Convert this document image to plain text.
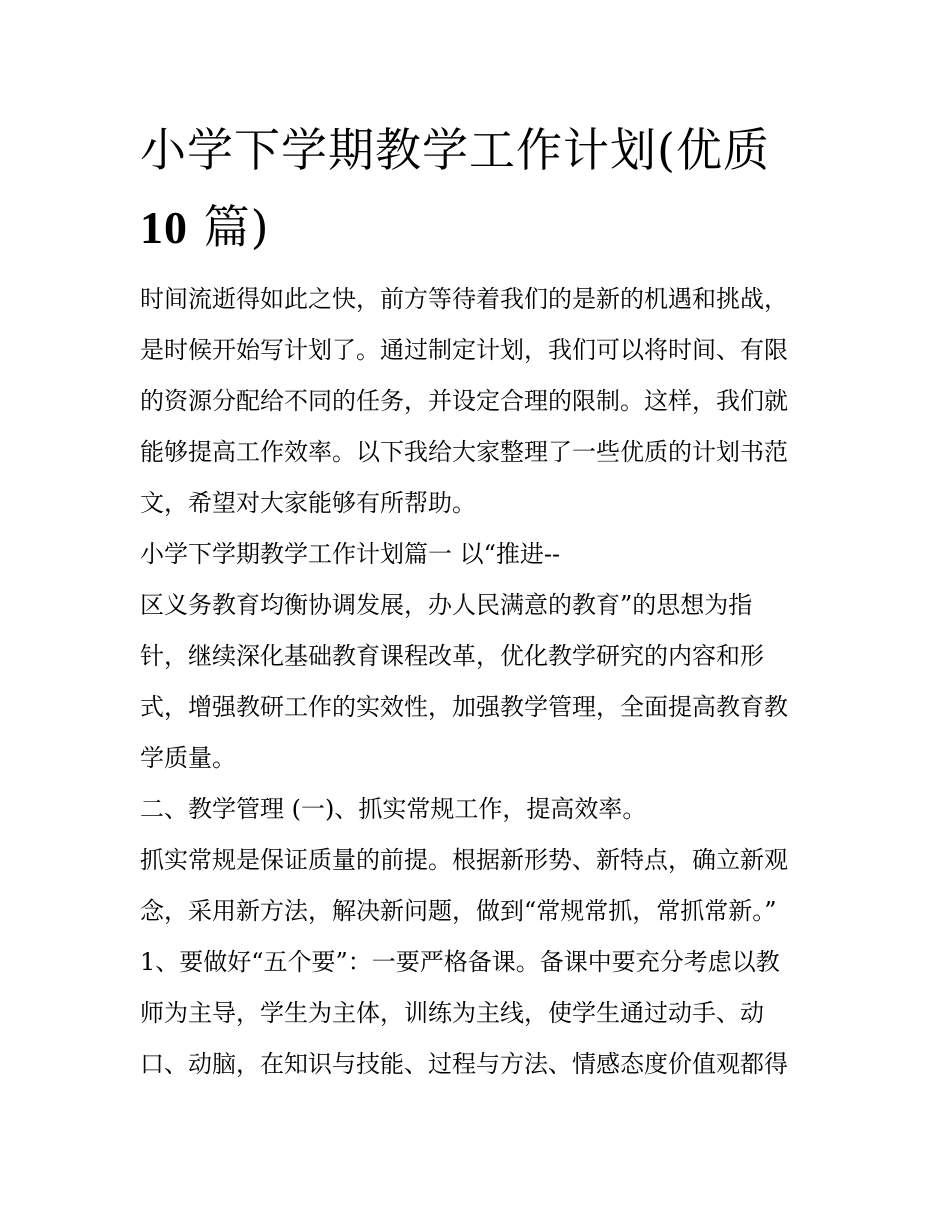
小学下学期教学工作计划(优质
10 篇)

时间流逝得如此之快，前方等待着我们的是新的机遇和挑战，
是时候开始写计划了。通过制定计划，我们可以将时间、有限
的资源分配给不同的任务，并设定合理的限制。这样，我们就
能够提高工作效率。以下我给大家整理了一些优质的计划书范
文，希望对大家能够有所帮助。

小学下学期教学工作计划篇一 以“推进--
区义务教育均衡协调发展，办人民满意的教育”的思想为指
针，继续深化基础教育课程改革，优化教学研究的内容和形
式，增强教研工作的实效性，加强教学管理，全面提高教育教
学质量。

二、教学管理 (一)、抓实常规工作，提高效率。

抓实常规是保证质量的前提。根据新形势、新特点，确立新观
念，采用新方法，解决新问题，做到“常规常抓，常抓常新。”
1、要做好“五个要”：一要严格备课。备课中要充分考虑以教
师为主导，学生为主体，训练为主线，使学生通过动手、动
口、动脑，在知识与技能、过程与方法、情感态度价值观都得
